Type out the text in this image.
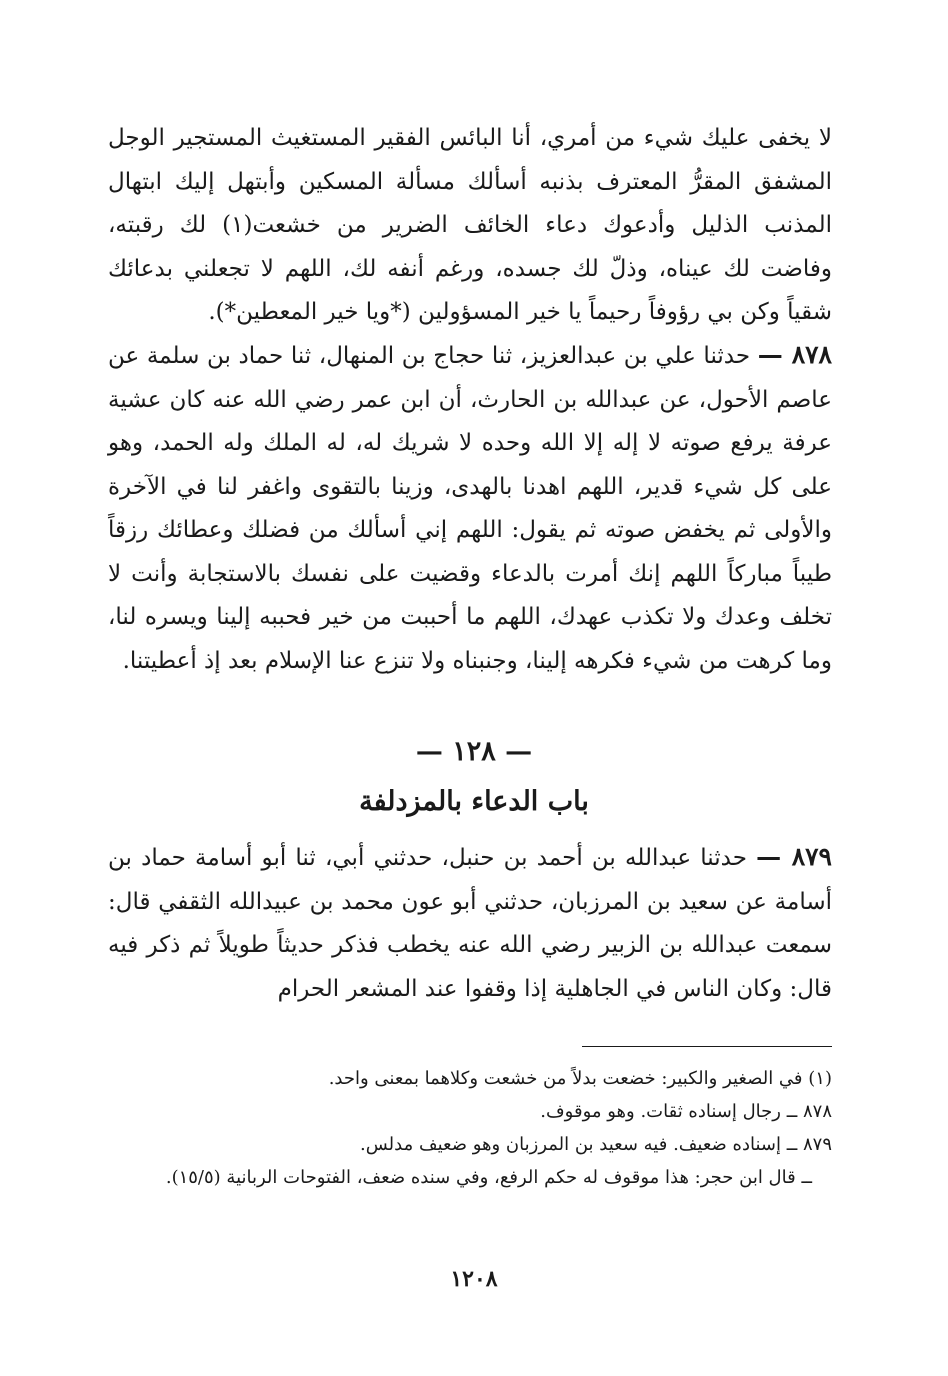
لا يخفى عليك شيء من أمري، أنا البائس الفقير المستغيث المستجير الوجل المشفق المقرُّ المعترف بذنبه أسألك مسألة المسكين وأبتهل إليك ابتهال المذنب الذليل وأدعوك دعاء الخائف الضرير من خشعت(١) لك رقبته، وفاضت لك عيناه، وذلّ لك جسده، ورغم أنفه لك، اللهم لا تجعلني بدعائك شقياً وكن بي رؤوفاً رحيماً يا خير المسؤولين (*ويا خير المعطين*).
٨٧٨ — حدثنا علي بن عبدالعزيز، ثنا حجاج بن المنهال، ثنا حماد بن سلمة عن عاصم الأحول، عن عبدالله بن الحارث، أن ابن عمر رضي الله عنه كان عشية عرفة يرفع صوته لا إله إلا الله وحده لا شريك له، له الملك وله الحمد، وهو على كل شيء قدير، اللهم اهدنا بالهدى، وزينا بالتقوى واغفر لنا في الآخرة والأولى ثم يخفض صوته ثم يقول: اللهم إني أسألك من فضلك وعطائك رزقاً طيباً مباركاً اللهم إنك أمرت بالدعاء وقضيت على نفسك بالاستجابة وأنت لا تخلف وعدك ولا تكذب عهدك، اللهم ما أحببت من خير فحببه إلينا ويسره لنا، وما كرهت من شيء فكرهه إلينا، وجنبناه ولا تنزع عنا الإسلام بعد إذ أعطيتنا.
— ١٢٨ —
باب الدعاء بالمزدلفة
٨٧٩ — حدثنا عبدالله بن أحمد بن حنبل، حدثني أبي، ثنا أبو أسامة حماد بن أسامة عن سعيد بن المرزبان، حدثني أبو عون محمد بن عبيدالله الثقفي قال: سمعت عبدالله بن الزبير رضي الله عنه يخطب فذكر حديثاً طويلاً ثم ذكر فيه قال: وكان الناس في الجاهلية إذا وقفوا عند المشعر الحرام
(١) في الصغير والكبير: خضعت بدلاً من خشعت وكلاهما بمعنى واحد.
٨٧٨ ــ رجال إسناده ثقات. وهو موقوف.
٨٧٩ ــ إسناده ضعيف. فيه سعيد بن المرزبان وهو ضعيف مدلس.
ــ قال ابن حجر: هذا موقوف له حكم الرفع، وفي سنده ضعف، الفتوحات الربانية (١٥/٥).
١٢٠٨
